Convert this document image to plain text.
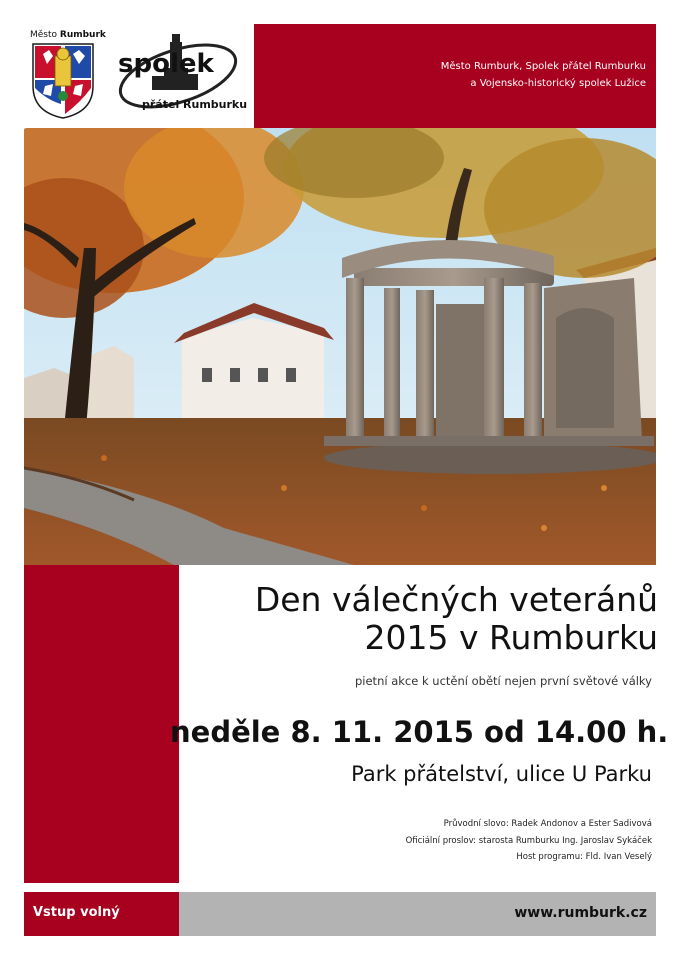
Město Rumburk, Spolek přátel Rumburku
a Vojensko-historický spolek Lužice
Město Rumburk
spolek
přátel Rumburku
Den válečných veteránů
2015 v Rumburku
pietní akce k uctění obětí nejen první světové války
neděle 8. 11. 2015 od 14.00 h.
Park přátelství, ulice U Parku
Průvodní slovo: Radek Andonov a Ester Sadivová
Oficiální proslov: starosta Rumburku Ing. Jaroslav Sykáček
Host programu: Fld. Ivan Veselý
Vstup volný	www.rumburk.cz
